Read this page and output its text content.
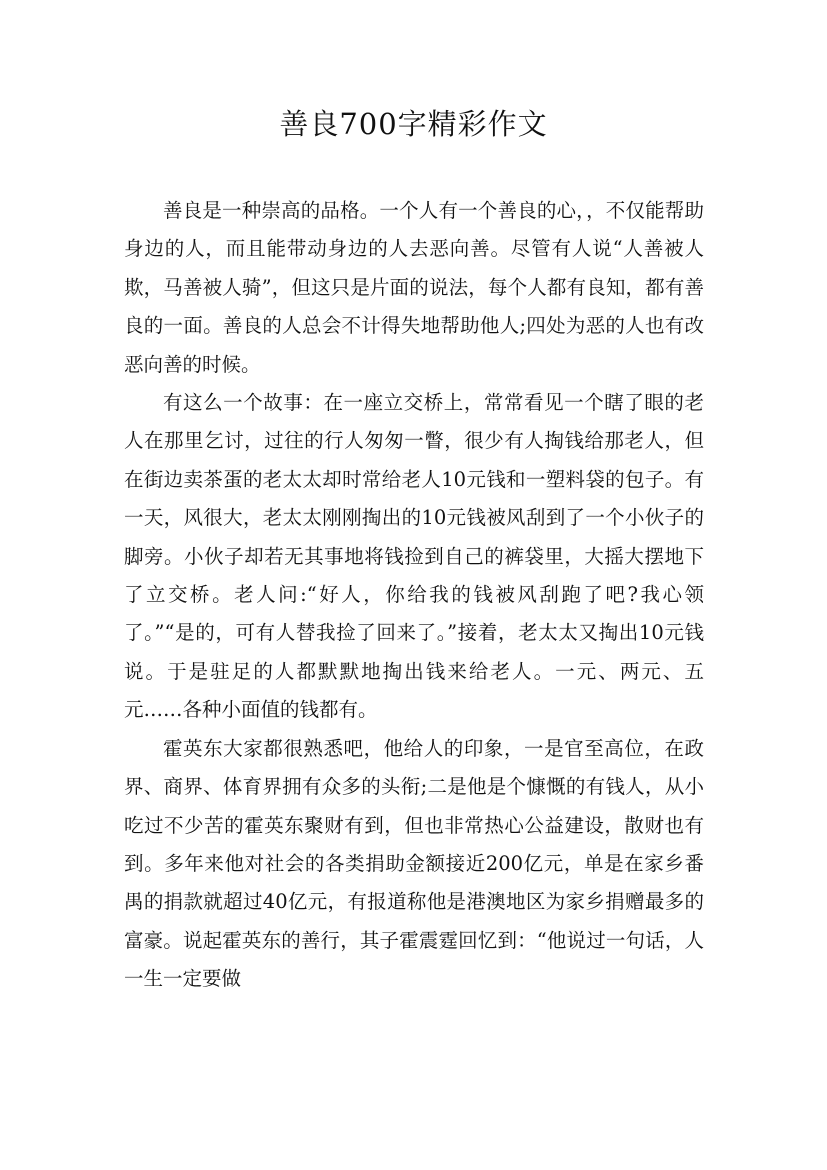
善良700字精彩作文

善良是一种崇高的品格。一个人有一个善良的心，，不仅能帮助身边的人，而且能带动身边的人去恶向善。尽管有人说“人善被人欺，马善被人骑”，但这只是片面的说法，每个人都有良知，都有善良的一面。善良的人总会不计得失地帮助他人;四处为恶的人也有改恶向善的时候。

有这么一个故事：在一座立交桥上，常常看见一个瞎了眼的老人在那里乞讨，过往的行人匆匆一瞥，很少有人掏钱给那老人，但在街边卖茶蛋的老太太却时常给老人10元钱和一塑料袋的包子。有一天，风很大，老太太刚刚掏出的10元钱被风刮到了一个小伙子的脚旁。小伙子却若无其事地将钱捡到自己的裤袋里，大摇大摆地下了立交桥。老人问:“好人，你给我的钱被风刮跑了吧?我心领了。”“是的，可有人替我捡了回来了。”接着，老太太又掏出10元钱说。于是驻足的人都默默地掏出钱来给老人。一元、两元、五元……各种小面值的钱都有。

霍英东大家都很熟悉吧，他给人的印象，一是官至高位，在政界、商界、体育界拥有众多的头衔;二是他是个慷慨的有钱人，从小吃过不少苦的霍英东聚财有到，但也非常热心公益建设，散财也有到。多年来他对社会的各类捐助金额接近200亿元，单是在家乡番禺的捐款就超过40亿元，有报道称他是港澳地区为家乡捐赠最多的富豪。说起霍英东的善行，其子霍震霆回忆到：“他说过一句话，人一生一定要做
